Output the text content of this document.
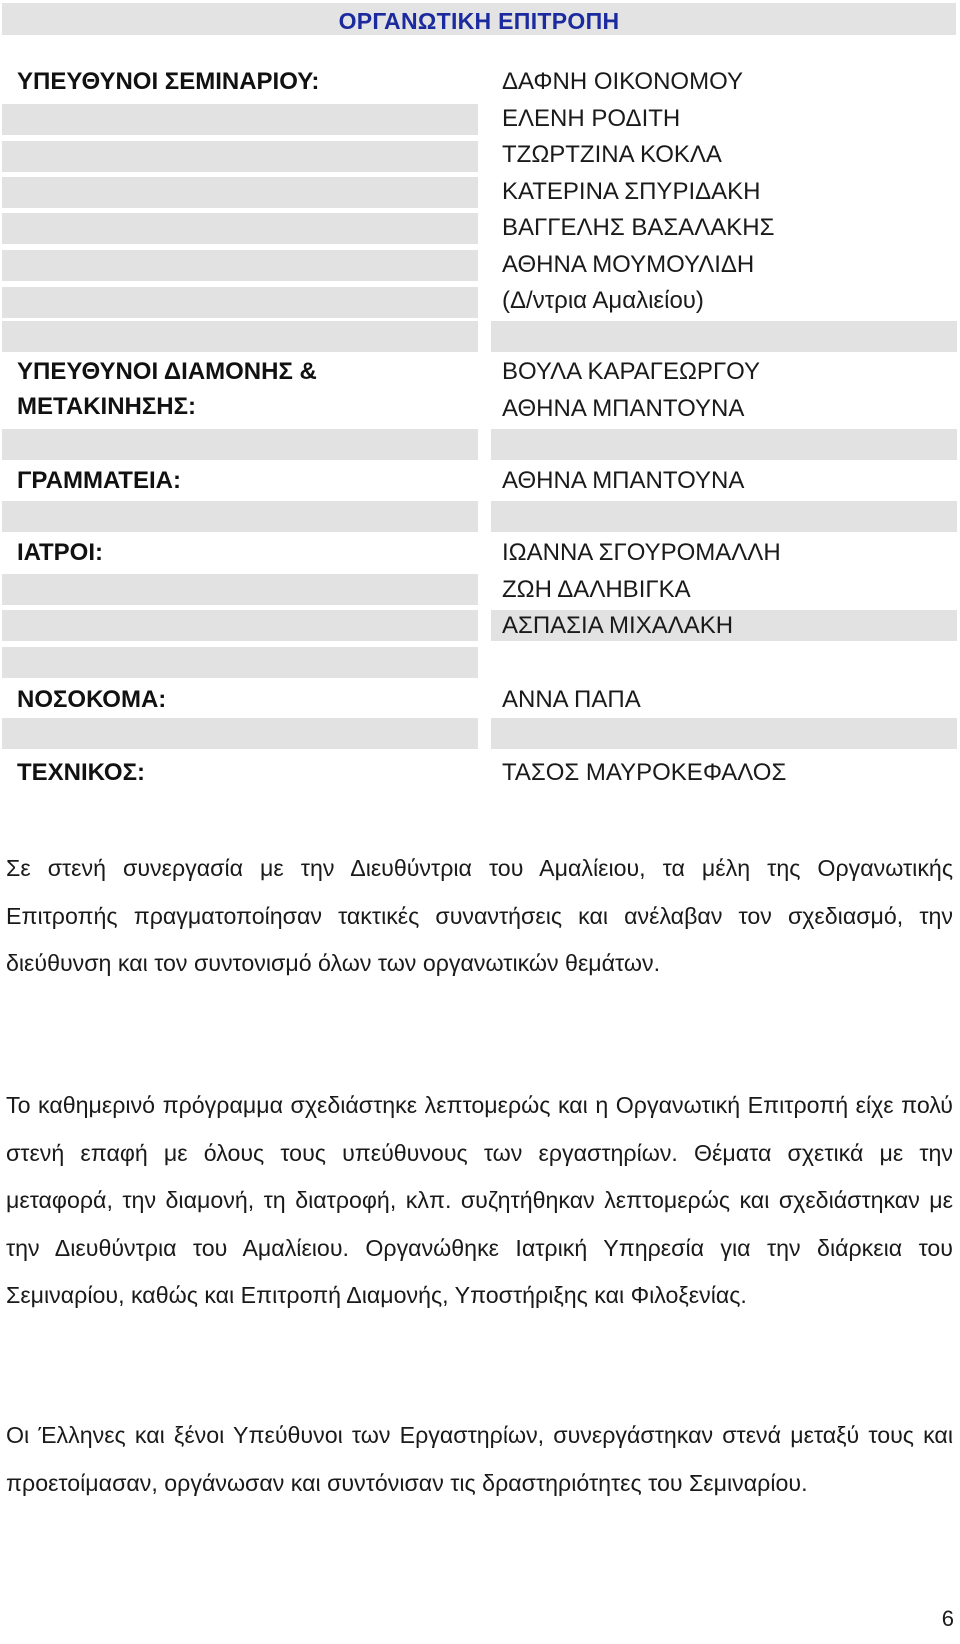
ΟΡΓΑΝΩΤΙΚΗ ΕΠΙΤΡΟΠΗ
ΥΠΕΥΘΥΝΟΙ ΣΕΜΙΝΑΡΙΟΥ:
ΥΠΕΥΘΥΝΟΙ ΔΙΑΜΟΝΗΣ &
ΜΕΤΑΚΙΝΗΣΗΣ:
ΓΡΑΜΜΑΤΕΙΑ:
ΙΑΤΡΟΙ:
ΝΟΣΟΚΟΜΑ:
ΤΕΧΝΙΚΟΣ:
ΔΑΦΝΗ ΟΙΚΟΝΟΜΟΥ
ΕΛΕΝΗ ΡΟΔΙΤΗ
ΤΖΩΡΤΖΙΝΑ ΚΟΚΛΑ
ΚΑΤΕΡΙΝΑ ΣΠΥΡΙΔΑΚΗ
ΒΑΓΓΕΛΗΣ ΒΑΣΑΛΑΚΗΣ
ΑΘΗΝΑ ΜΟΥΜΟΥΛΙΔΗ
(Δ/ντρια Αμαλιείου)
ΒΟΥΛΑ ΚΑΡΑΓΕΩΡΓΟΥ
ΑΘΗΝΑ ΜΠΑΝΤΟΥΝΑ
ΑΘΗΝΑ ΜΠΑΝΤΟΥΝΑ
ΙΩΑΝΝΑ ΣΓΟΥΡΟΜΑΛΛΗ
ΖΩΗ ΔΑΛΗΒΙΓΚΑ
ΑΣΠΑΣΙΑ ΜΙΧΑΛΑΚΗ
ΑΝΝΑ ΠΑΠΑ
ΤΑΣΟΣ ΜΑΥΡΟΚΕΦΑΛΟΣ

Σε στενή συνεργασία με την Διευθύντρια του Αμαλίειου, τα μέλη της Οργανωτικής Επιτροπής πραγματοποίησαν τακτικές συναντήσεις και ανέλαβαν τον σχεδιασμό, την διεύθυνση και τον συντονισμό όλων των οργανωτικών θεμάτων.

Το καθημερινό πρόγραμμα σχεδιάστηκε λεπτομερώς και η Οργανωτική Επιτροπή είχε πολύ στενή επαφή με όλους τους υπεύθυνους των εργαστηρίων. Θέματα σχετικά με την μεταφορά, την διαμονή, τη διατροφή, κλπ. συζητήθηκαν λεπτομερώς και σχεδιάστηκαν με την Διευθύντρια του Αμαλίειου. Οργανώθηκε Ιατρική Υπηρεσία για την διάρκεια του Σεμιναρίου, καθώς και Επιτροπή Διαμονής, Υποστήριξης και Φιλοξενίας.

Οι Έλληνες και ξένοι Υπεύθυνοι των Εργαστηρίων, συνεργάστηκαν στενά μεταξύ τους και προετοίμασαν, οργάνωσαν και συντόνισαν τις δραστηριότητες του Σεμιναρίου.

6
